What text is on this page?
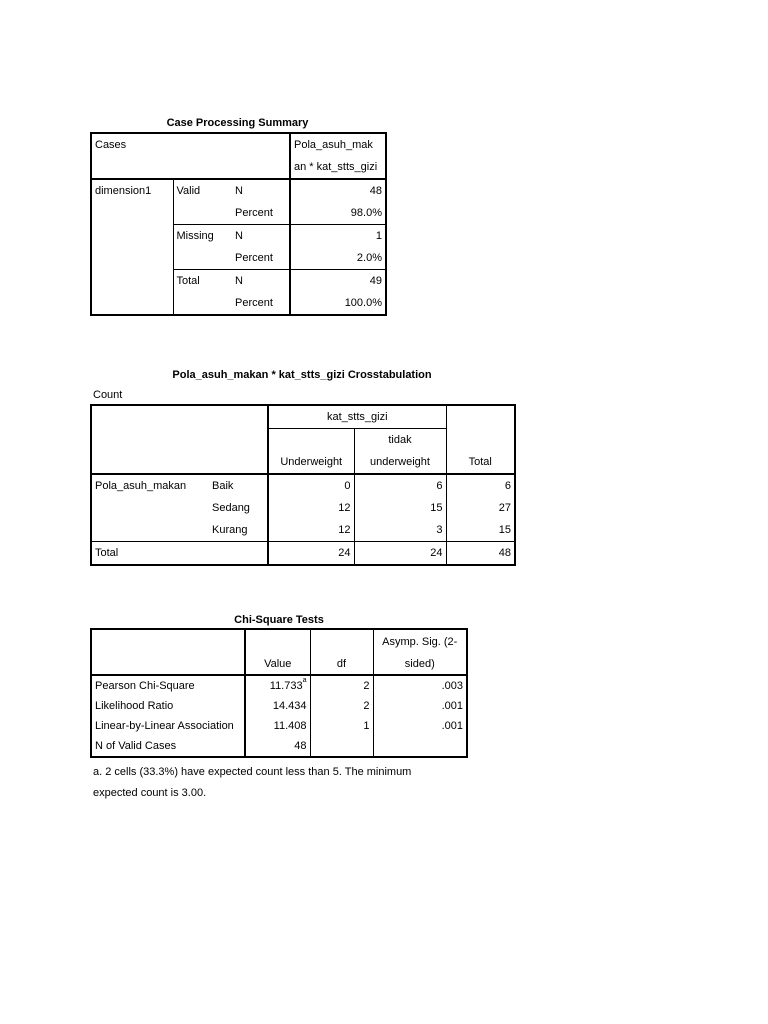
Case Processing Summary
Cases			Pola_asuh_mak
			an * kat_stts_gizi
dimension1	Valid	N	48
		Percent	98.0%
	Missing	N	1
		Percent	2.0%
	Total	N	49
		Percent	100.0%
Pola_asuh_makan * kat_stts_gizi Crosstabulation
Count
		kat_stts_gizi		
			tidak	
		Underweight	underweight	Total
Pola_asuh_makan	Baik	0	6	6
	Sedang	12	15	27
	Kurang	12	3	15
Total		24	24	48
Chi-Square Tests
			Asymp. Sig. (2-
	Value	df	sided)
Pearson Chi-Square	11.733$^a$	2	.003
Likelihood Ratio	14.434	2	.001
Linear-by-Linear Association	11.408	1	.001
N of Valid Cases	48		
a. 2 cells (33.3%) have expected count less than 5. The minimum
expected count is 3.00.
